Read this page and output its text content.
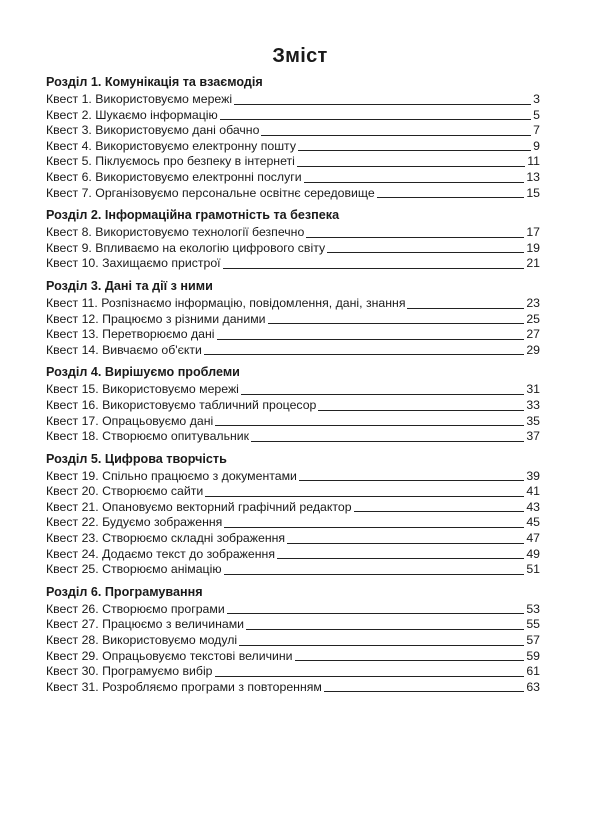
Зміст
Розділ 1. Комунікація та взаємодія
Квест 1. Використовуємо мережі	3
Квест 2. Шукаємо інформацію	5
Квест 3. Використовуємо дані обачно	7
Квест 4. Використовуємо електронну пошту	9
Квест 5. Піклуємось про безпеку в інтернеті	11
Квест 6. Використовуємо електронні послуги	13
Квест 7. Організовуємо персональне освітнє середовище	15
Розділ 2. Інформаційна грамотність та безпека
Квест 8. Використовуємо технології безпечно	17
Квест 9. Впливаємо на екологію цифрового світу	19
Квест 10. Захищаємо пристрої	21
Розділ 3. Дані та дії з ними
Квест 11. Розпізнаємо інформацію, повідомлення, дані, знання	23
Квест 12. Працюємо з різними даними	25
Квест 13. Перетворюємо дані	27
Квест 14. Вивчаємо об'єкти	29
Розділ 4. Вирішуємо проблеми
Квест 15. Використовуємо мережі	31
Квест 16. Використовуємо табличний процесор	33
Квест 17. Опрацьовуємо дані	35
Квест 18. Створюємо опитувальник	37
Розділ 5. Цифрова творчість
Квест 19. Спільно працюємо з документами	39
Квест 20. Створюємо сайти	41
Квест 21. Опановуємо векторний графічний редактор	43
Квест 22. Будуємо зображення	45
Квест 23. Створюємо складні зображення	47
Квест 24. Додаємо текст до зображення	49
Квест 25. Створюємо анімацію	51
Розділ 6. Програмування
Квест 26. Створюємо програми	53
Квест 27. Працюємо з величинами	55
Квест 28. Використовуємо модулі	57
Квест 29. Опрацьовуємо текстові величини	59
Квест 30. Програмуємо вибір	61
Квест 31. Розробляємо програми з повторенням	63
